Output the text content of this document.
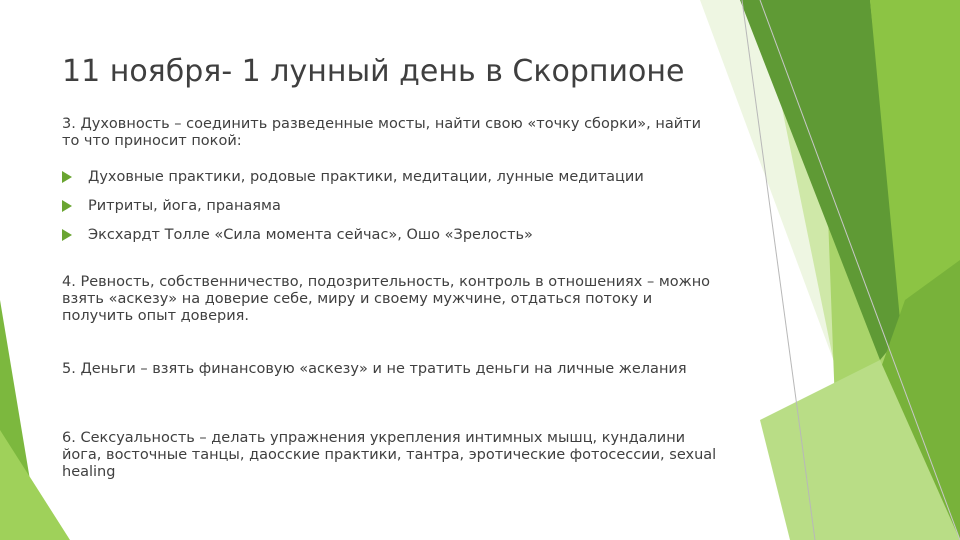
11 ноября- 1 лунный день в Скорпионе
3. Духовность – соединить разведенные мосты, найти свою «точку сборки», найти то что приносит покой:
Духовные практики, родовые практики, медитации, лунные медитации
Ритриты, йога, пранаяма
Эксхардт Толле «Сила момента сейчас», Ошо «Зрелость»
4. Ревность, собственничество, подозрительность, контроль в отношениях – можно взять «аскезу» на доверие себе, миру и своему мужчине, отдаться потоку и получить опыт доверия.
5. Деньги – взять финансовую «аскезу» и не тратить деньги на личные желания
6. Сексуальность – делать упражнения укрепления интимных мышц, кундалини йога, восточные танцы, даосские практики, тантра, эротические фотосессии, sexual healing
